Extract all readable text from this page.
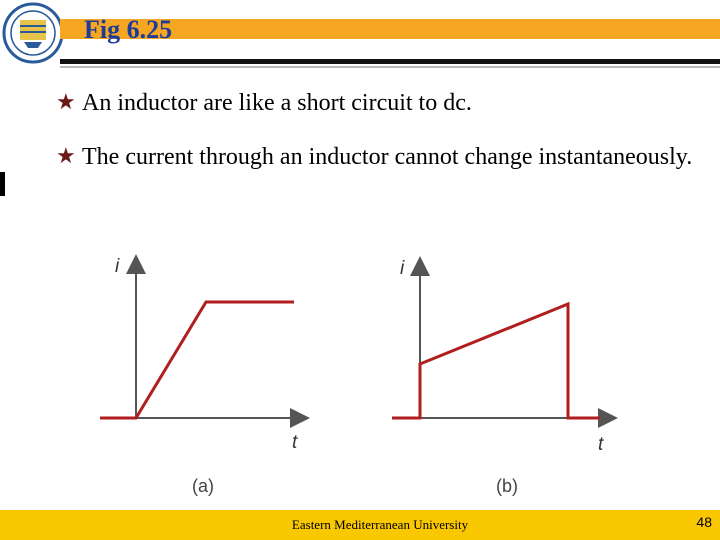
Fig 6.25
★ An inductor are like a short circuit to dc.
★ The current through an inductor cannot change instantaneously.
i
t
(a)
i
t
(b)
Eastern Mediterranean University	48
